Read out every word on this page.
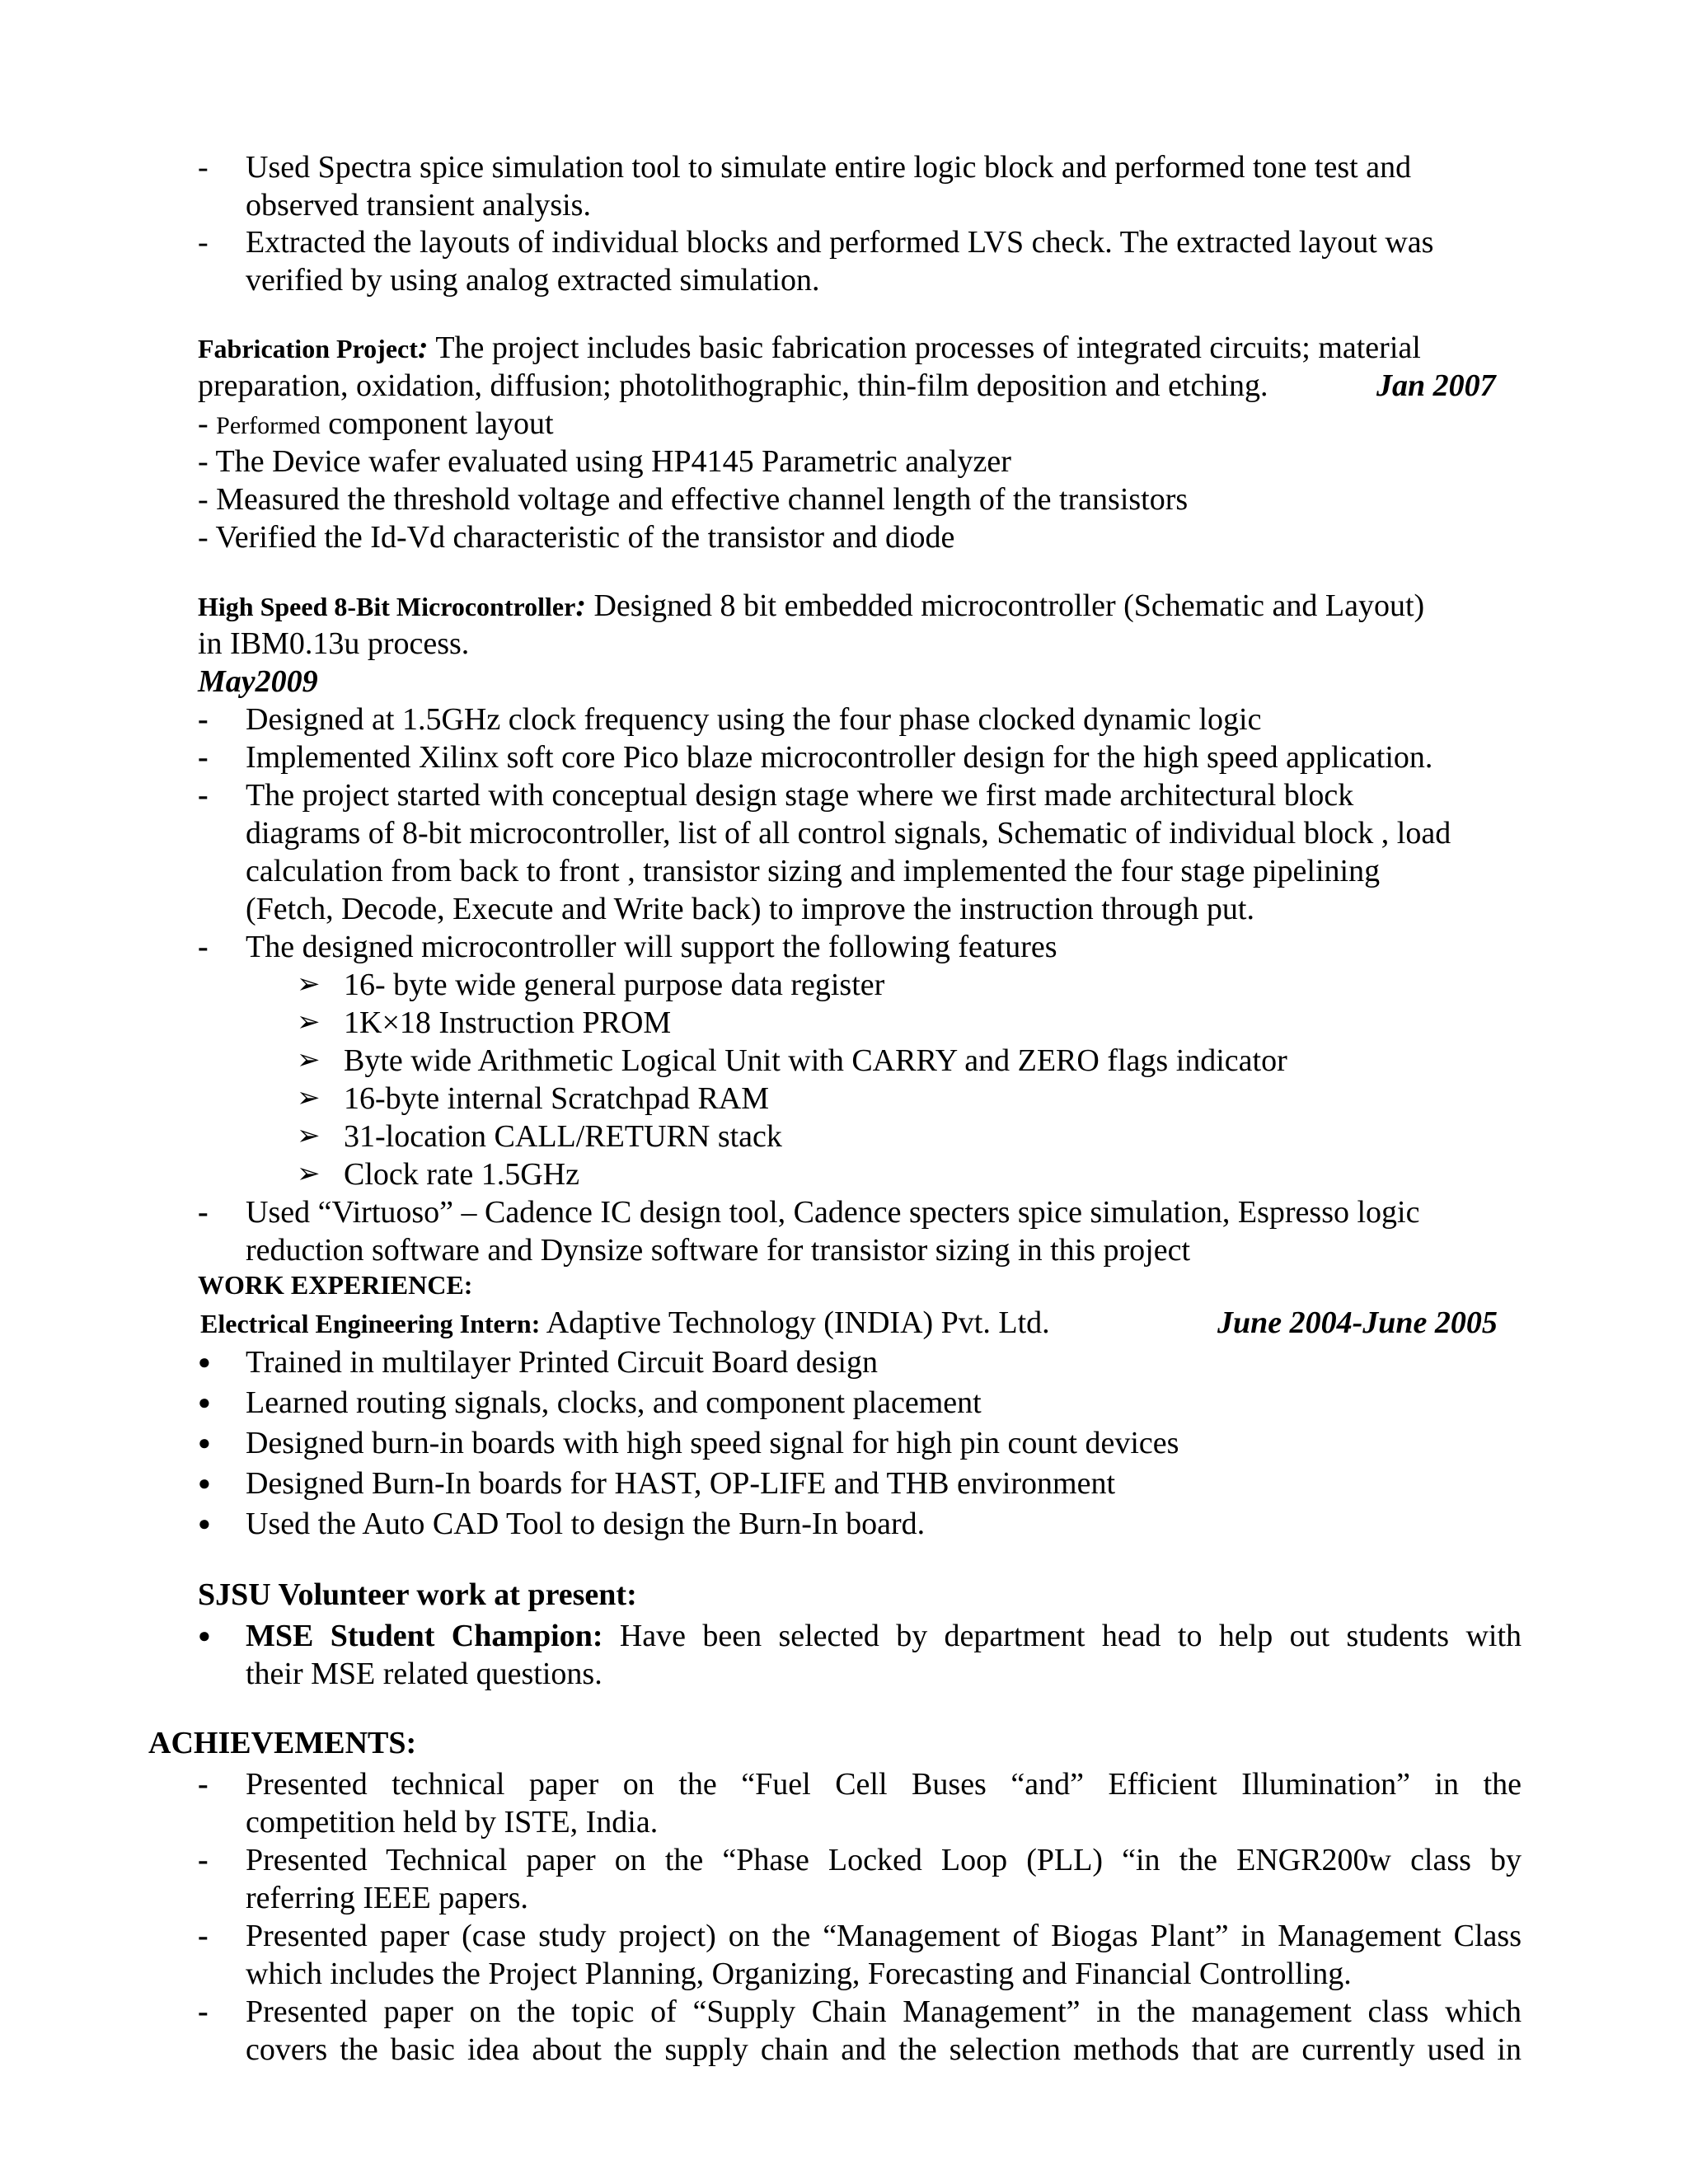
- Used Spectra spice simulation tool to simulate entire logic block and performed tone test and

observed transient analysis.

- Extracted the layouts of individual blocks and performed LVS check. The extracted layout was

verified by using analog extracted simulation.

Fabrication Project: The project includes basic fabrication processes of integrated circuits; material

preparation, oxidation, diffusion; photolithographic, thin-film deposition and etching.	Jan 2007

- Performed component layout

- The Device wafer evaluated using HP4145 Parametric analyzer

- Measured the threshold voltage and effective channel length of the transistors

- Verified the Id-Vd characteristic of the transistor and diode

High Speed 8-Bit Microcontroller: Designed 8 bit embedded microcontroller (Schematic and Layout)

in IBM0.13u process.

May2009

- Designed at 1.5GHz clock frequency using the four phase clocked dynamic logic

- Implemented Xilinx soft core Pico blaze microcontroller design for the high speed application.

- The project started with conceptual design stage where we first made architectural block

diagrams of 8-bit microcontroller, list of all control signals, Schematic of individual block , load

calculation from back to front , transistor sizing and implemented the four stage pipelining

(Fetch, Decode, Execute and Write back) to improve the instruction through put.

- The designed microcontroller will support the following features

➢ 16- byte wide general purpose data register

➢ 1K×18 Instruction PROM

➢ Byte wide Arithmetic Logical Unit with CARRY and ZERO flags indicator

➢ 16-byte internal Scratchpad RAM

➢ 31-location CALL/RETURN stack

➢ Clock rate 1.5GHz

- Used “Virtuoso” – Cadence IC design tool, Cadence specters spice simulation, Espresso logic

reduction software and Dynsize software for transistor sizing in this project

WORK EXPERIENCE:

Electrical Engineering Intern: Adaptive Technology (INDIA) Pvt. Ltd.	June 2004-June 2005

● Trained in multilayer Printed Circuit Board design

● Learned routing signals, clocks, and component placement

● Designed burn-in boards with high speed signal for high pin count devices

● Designed Burn-In boards for HAST, OP-LIFE and THB environment

● Used the Auto CAD Tool to design the Burn-In board.

SJSU Volunteer work at present:

● MSE Student Champion: Have been selected by department head to help out students with

their MSE related questions.

ACHIEVEMENTS:

- Presented technical paper on the “Fuel Cell Buses “and” Efficient Illumination” in the

competition held by ISTE, India.

- Presented Technical paper on the “Phase Locked Loop (PLL) “in the ENGR200w class by

referring IEEE papers.

- Presented paper (case study project) on the “Management of Biogas Plant” in Management Class

which includes the Project Planning, Organizing, Forecasting and Financial Controlling.

- Presented paper on the topic of “Supply Chain Management” in the management class which

covers the basic idea about the supply chain and the selection methods that are currently used in
